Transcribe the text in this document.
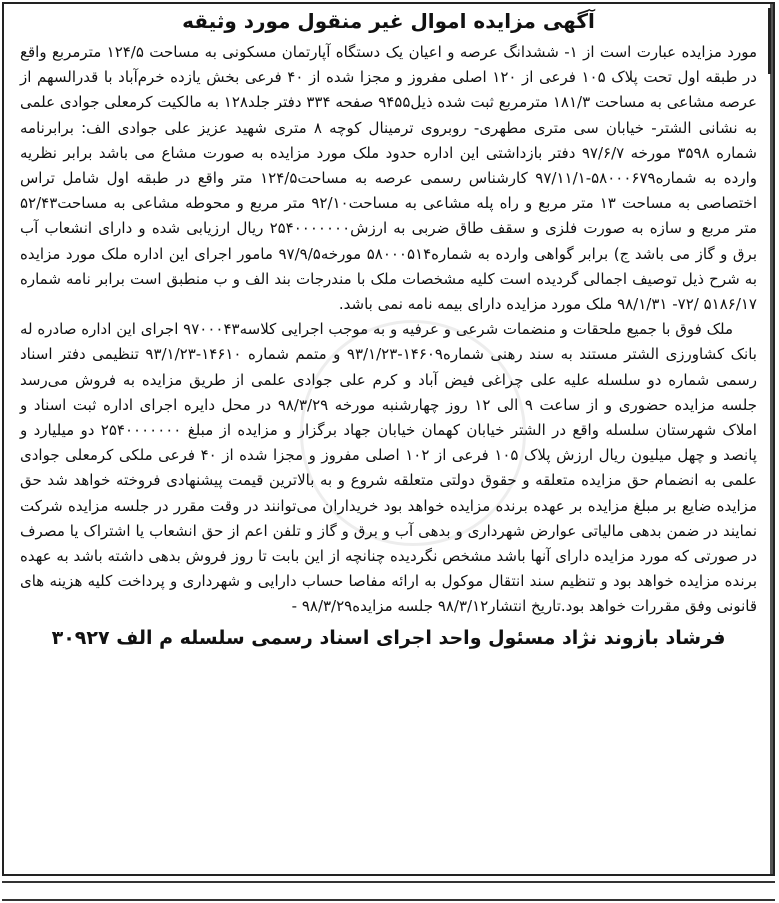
آگهی مزایده اموال غیر منقول مورد وثیقه

مورد مزایده عبارت است از ۱- ششدانگ عرصه و اعیان یک دستگاه آپارتمان مسکونی به مساحت ۱۲۴/۵ مترمربع واقع در طبقه اول تحت پلاک ۱۰۵ فرعی از ۱۲۰ اصلی مفروز و مجزا شده از ۴۰ فرعی بخش یازده خرم‌آباد با قدرالسهم از عرصه مشاعی به مساحت ۱۸۱/۳ مترمربع ثبت شده ذیل۹۴۵۵ صفحه ۳۳۴ دفتر جلد۱۲۸ به مالکیت کرمعلی جوادی علمی به نشانی الشتر- خیابان سی متری مطهری- روبروی ترمینال کوچه ۸ متری شهید عزیز علی جوادی الف: برابرنامه شماره ۳۵۹۸ مورخه ۹۷/۶/۷ دفتر بازداشتی این اداره حدود ملک مورد مزایده به صورت مشاع می باشد برابر نظریه وارده به شماره۵۸۰۰۰۶۷۹-۹۷/۱۱/۱ کارشناس رسمی عرصه به مساحت۱۲۴/۵ متر واقع در طبقه اول شامل تراس اختصاصی به مساحت ۱۳ متر مربع و راه پله مشاعی به مساحت۹۲/۱۰ متر مربع و محوطه مشاعی به مساحت۵۲/۴۳ متر مربع و سازه به صورت فلزی و سقف طاق ضربی به ارزش۲۵۴۰۰۰۰۰۰۰ ریال ارزیابی شده و دارای انشعاب آب برق و گاز می باشد ج) برابر گواهی وارده به شماره۵۸۰۰۰۵۱۴ مورخه۹۷/۹/۵ مامور اجرای این اداره ملک مورد مزایده به شرح ذیل توصیف اجمالی گردیده است کلیه مشخصات ملک با مندرجات بند الف و ب منطبق است برابر نامه شماره ۵۱۸۶/۱۷ /۷۲- ۹۸/۱/۳۱ ملک مورد مزایده دارای بیمه نامه نمی باشد.

ملک فوق با جمیع ملحقات و منضمات شرعی و عرفیه و به موجب اجرایی کلاسه۹۷۰۰۰۴۳ اجرای این اداره صادره له بانک کشاورزی الشتر مستند به سند رهنی شماره۱۴۶۰۹-۹۳/۱/۲۳ و متمم شماره ۱۴۶۱۰-۹۳/۱/۲۳ تنظیمی دفتر اسناد رسمی شماره دو سلسله علیه علی چراغی فیض آباد و کرم علی جوادی علمی از طریق مزایده به فروش می‌رسد جلسه مزایده حضوری و از ساعت ۹ الی ۱۲ روز چهارشنبه مورخه ۹۸/۳/۲۹ در محل دایره اجرای اداره ثبت اسناد و املاک شهرستان سلسله واقع در الشتر خیابان کهمان خیابان جهاد برگزار و مزایده از مبلغ ۲۵۴۰۰۰۰۰۰۰ دو میلیارد و پانصد و چهل میلیون ریال ارزش پلاک ۱۰۵ فرعی از ۱۰۲ اصلی مفروز و مجزا شده از ۴۰ فرعی ملکی کرمعلی جوادی علمی به انضمام حق مزایده متعلقه و حقوق دولتی متعلقه شروع و به بالاترین قیمت پیشنهادی فروخته خواهد شد حق مزایده ضایع بر مبلغ مزایده بر عهده برنده مزایده خواهد بود خریداران می‌توانند در وقت مقرر در جلسه مزایده شرکت نمایند در ضمن بدهی مالیاتی عوارض شهرداری و بدهی آب و برق و گاز و تلفن اعم از حق انشعاب یا اشتراک یا مصرف در صورتی که مورد مزایده دارای آنها باشد مشخص نگردیده چنانچه از این بابت تا روز فروش بدهی داشته باشد به عهده برنده مزایده خواهد بود و تنظیم سند انتقال موکول به ارائه مفاصا حساب دارایی و شهرداری و پرداخت کلیه هزینه های قانونی وفق مقررات خواهد بود.تاریخ انتشار۹۸/۳/۱۲ جلسه مزایده۹۸/۳/۲۹ -

فرشاد بازوند نژاد مسئول واحد اجرای اسناد رسمی سلسله م الف ۳۰۹۲۷
